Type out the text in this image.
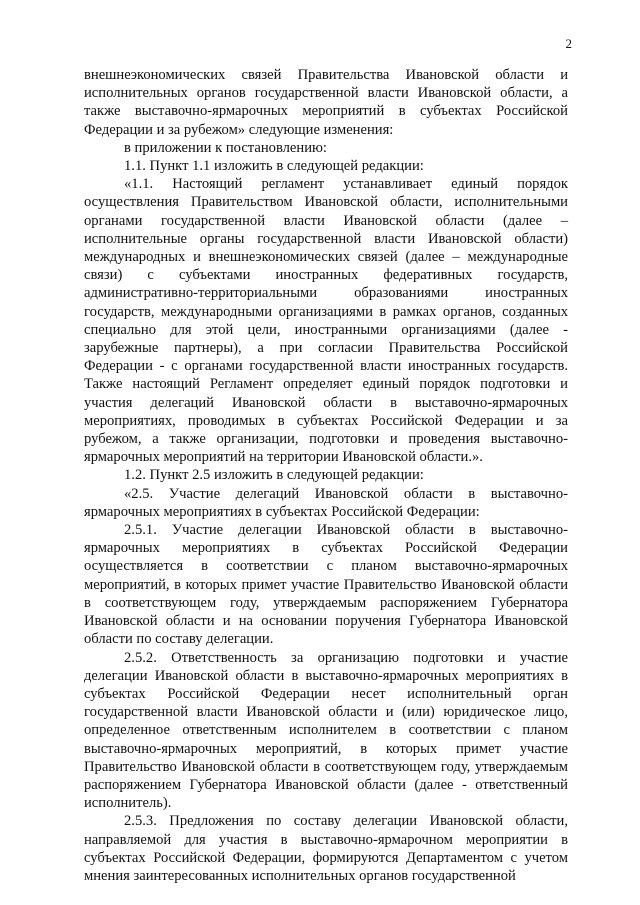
2

внешнеэкономических связей Правительства Ивановской области и исполнительных органов государственной власти Ивановской области, а также выставочно-ярмарочных мероприятий в субъектах Российской Федерации и за рубежом» следующие изменения:

в приложении к постановлению:

1.1. Пункт 1.1 изложить в следующей редакции:

«1.1. Настоящий регламент устанавливает единый порядок осуществления Правительством Ивановской области, исполнительными органами государственной власти Ивановской области (далее – исполнительные органы государственной власти Ивановской области) международных и внешнеэкономических связей (далее – международные связи) с субъектами иностранных федеративных государств, административно-территориальными образованиями иностранных государств, международными организациями в рамках органов, созданных специально для этой цели, иностранными организациями (далее - зарубежные партнеры), а при согласии Правительства Российской Федерации - с органами государственной власти иностранных государств. Также настоящий Регламент определяет единый порядок подготовки и участия делегаций Ивановской области в выставочно-ярмарочных мероприятиях, проводимых в субъектах Российской Федерации и за рубежом, а также организации, подготовки и проведения выставочно-ярмарочных мероприятий на территории Ивановской области.».

1.2. Пункт 2.5 изложить в следующей редакции:

«2.5. Участие делегаций Ивановской области в выставочно-ярмарочных мероприятиях в субъектах Российской Федерации:

2.5.1. Участие делегации Ивановской области в выставочно-ярмарочных мероприятиях в субъектах Российской Федерации осуществляется в соответствии с планом выставочно-ярмарочных мероприятий, в которых примет участие Правительство Ивановской области в соответствующем году, утверждаемым распоряжением Губернатора Ивановской области и на основании поручения Губернатора Ивановской области по составу делегации.

2.5.2. Ответственность за организацию подготовки и участие делегации Ивановской области в выставочно-ярмарочных мероприятиях в субъектах Российской Федерации несет исполнительный орган государственной власти Ивановской области и (или) юридическое лицо, определенное ответственным исполнителем в соответствии с планом выставочно-ярмарочных мероприятий, в которых примет участие Правительство Ивановской области в соответствующем году, утверждаемым распоряжением Губернатора Ивановской области (далее - ответственный исполнитель).

2.5.3. Предложения по составу делегации Ивановской области, направляемой для участия в выставочно-ярмарочном мероприятии в субъектах Российской Федерации, формируются Департаментом с учетом мнения заинтересованных исполнительных органов государственной
